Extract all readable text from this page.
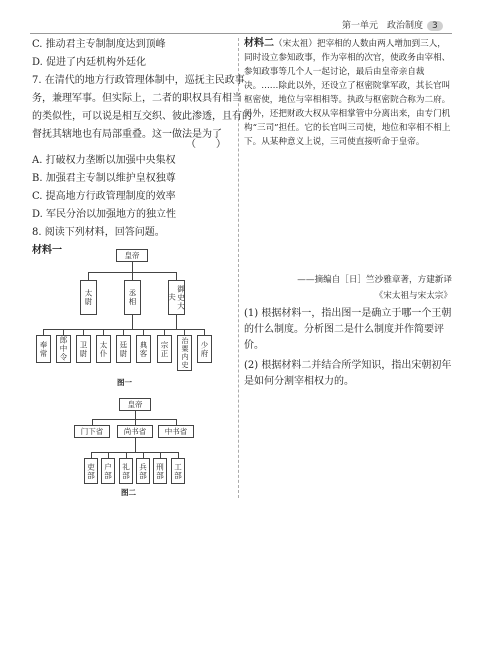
第一单元　政治制度 3
C. 推动君主专制制度达到顶峰
D. 促进了内廷机构外廷化
7. 在清代的地方行政管理体制中，巡抚主民政事
务，兼理军事。但实际上，二者的职权具有相当
的类似性，可以说是相互交织、彼此渗透，且有的
督抚其辖地也有局部重叠。这一做法是为了
（　　）
A. 打破权力垄断以加强中央集权
B. 加强君主专制以维护皇权独尊
C. 提高地方行政管理制度的效率
D. 军民分治以加强地方的独立性
8. 阅读下列材料，回答问题。
材料一	皇帝
太尉	丞相	御史大夫
奉常	郎中令	卫尉	太仆	廷尉	典客	宗正	治粟内史	少府
图一
皇帝
门下省	尚书省	中书省
吏部	户部	礼部	兵部	刑部	工部
图二
材料二（宋太祖）把宰相的人数由两人增加到三人，同时设立参知政事，作为宰相的次官，使政务由宰相、参知政事等几个人一起讨论，最后由皇帝亲自裁决。……除此以外，还设立了枢密院掌军政，其长官叫枢密使，地位与宰相相等。执政与枢密院合称为二府。另外，还把财政大权从宰相掌管中分离出来，由专门机构“三司”担任。它的长官叫三司使，地位和宰相不相上下。从某种意义上说，三司使直接听命于皇帝。
——摘编自［日］竺沙雅章著，方建新译
《宋太祖与宋太宗》
(1) 根据材料一，指出图一是确立于哪一个王朝的什么制度。分析图二是什么制度并作简要评价。
(2) 根据材料二并结合所学知识，指出宋朝初年是如何分割宰相权力的。
